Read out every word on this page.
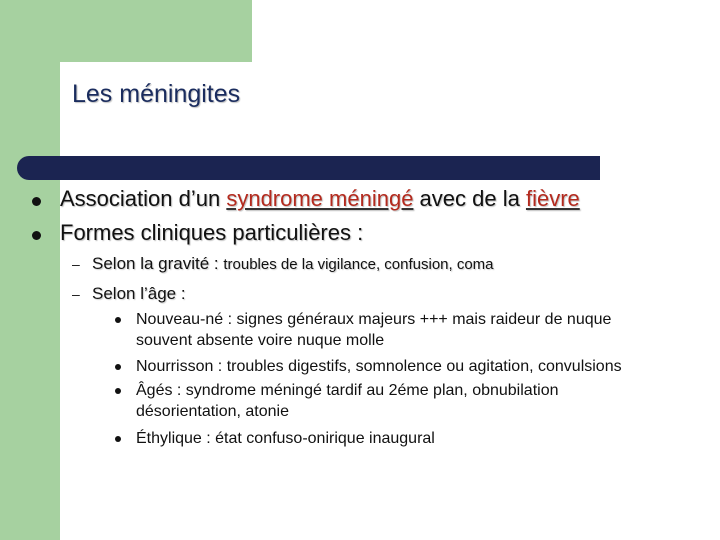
Les méningites
Association d’un syndrome méningé avec de la fièvre
Formes cliniques particulières :
– Selon la gravité : troubles de la vigilance, confusion, coma
– Selon l’âge :
Nouveau-né : signes généraux majeurs +++ mais raideur de nuque
souvent absente voire nuque molle
Nourrisson : troubles digestifs, somnolence ou agitation, convulsions
Âgés : syndrome méningé tardif au 2éme plan, obnubilation
désorientation, atonie
Éthylique : état confuso-onirique inaugural
